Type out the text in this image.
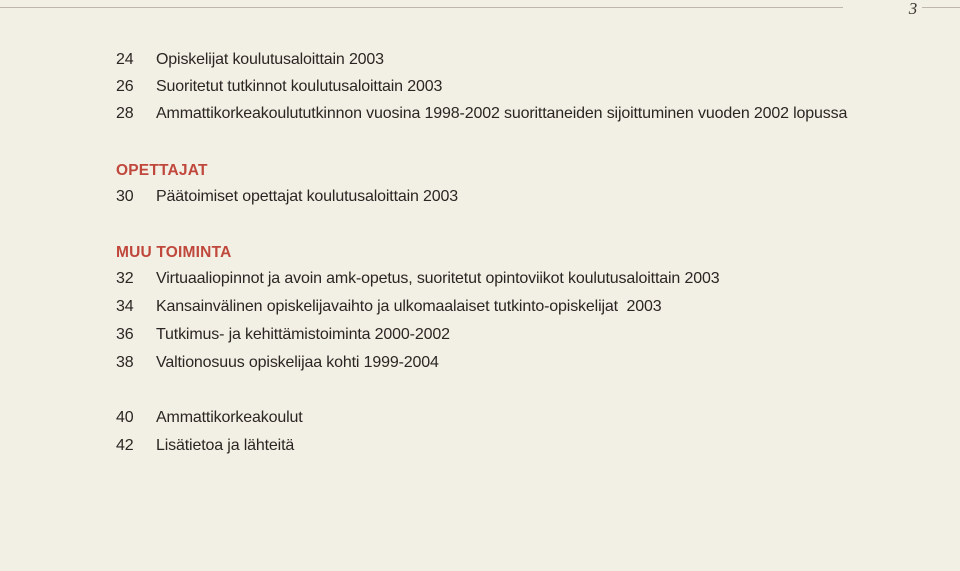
3
24	Opiskelijat koulutusaloittain 2003
26	Suoritetut tutkinnot koulutusaloittain 2003
28	Ammattikorkeakoulututkinnon vuosina 1998-2002 suorittaneiden sijoittuminen vuoden 2002 lopussa
OPETTAJAT
30	Päätoimiset opettajat koulutusaloittain 2003
MUU TOIMINTA
32	Virtuaaliopinnot ja avoin amk-opetus, suoritetut opintoviikot koulutusaloittain 2003
34	Kansainvälinen opiskelijavaihto ja ulkomaalaiset tutkinto-opiskelijat  2003
36	Tutkimus- ja kehittämistoiminta 2000-2002
38	Valtionosuus opiskelijaa kohti 1999-2004
40	Ammattikorkeakoulut
42	Lisätietoa ja lähteitä
